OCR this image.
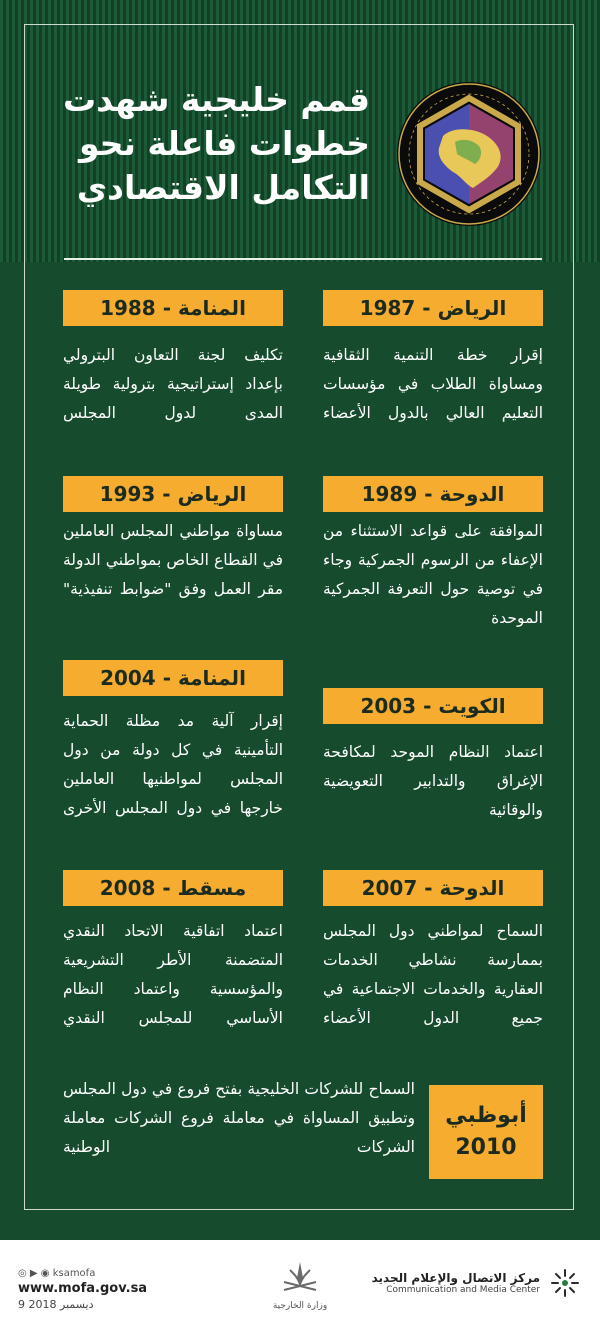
قمم خليجية شهدت
خطوات فاعلة نحو
التكامل الاقتصادي
الرياض - 1987
إقرار خطة التنمية الثقافية ومساواة الطلاب في مؤسسات التعليم العالي بالدول الأعضاء
المنامة - 1988
تكليف لجنة التعاون البترولي بإعداد إستراتيجية بترولية طويلة المدى لدول المجلس
الدوحة - 1989
الموافقة على قواعد الاستثناء من الإعفاء من الرسوم الجمركية وجاء في توصية حول التعرفة الجمركية الموحدة
الرياض - 1993
مساواة مواطني المجلس العاملين في القطاع الخاص بمواطني الدولة مقر العمل وفق "ضوابط تنفيذية"
الكويت - 2003
اعتماد النظام الموحد لمكافحة الإغراق والتدابير التعويضية والوقائية
المنامة - 2004
إقرار آلية مد مظلة الحماية التأمينية في كل دولة من دول المجلس لمواطنيها العاملين خارجها في دول المجلس الأخرى
الدوحة - 2007
السماح لمواطني دول المجلس بممارسة نشاطي الخدمات العقارية والخدمات الاجتماعية في جميع الدول الأعضاء
مسقط - 2008
اعتماد اتفاقية الاتحاد النقدي المتضمنة الأطر التشريعية والمؤسسية واعتماد النظام الأساسي للمجلس النقدي
أبوظبي
2010
السماح للشركات الخليجية بفتح فروع في دول المجلس وتطبيق المساواة في معاملة فروع الشركات معاملة الشركات الوطنية
◎ ▶ ◉ ksamofa
www.mofa.gov.sa
9 ديسمبر 2018	وزارة الخارجية
مركز الاتصال والإعلام الجديد
Communication and Media Center
